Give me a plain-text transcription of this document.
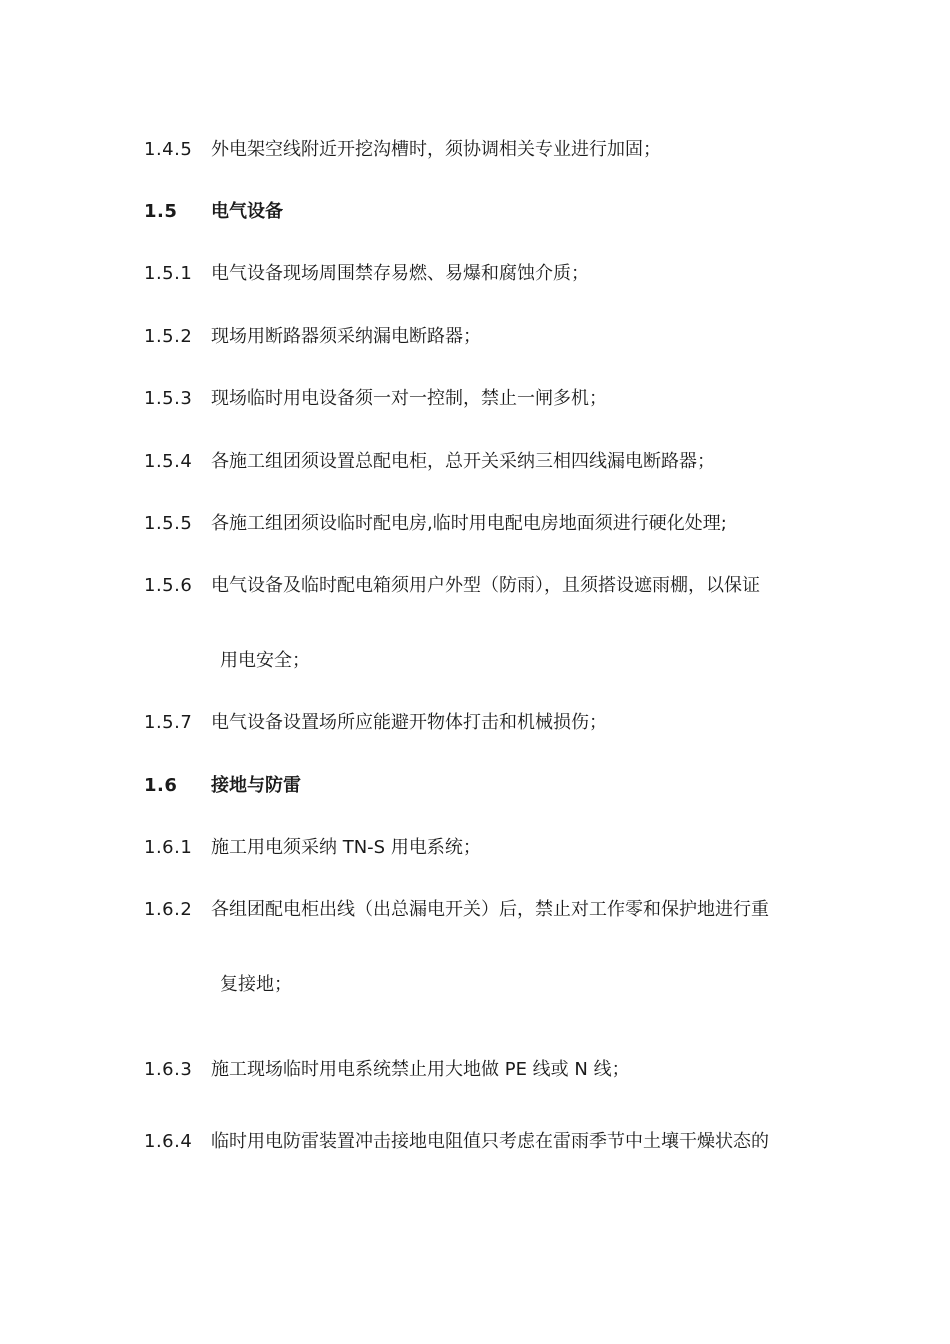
1.4.5 外电架空线附近开挖沟槽时，须协调相关专业进行加固；
1.5 电气设备
1.5.1 电气设备现场周围禁存易燃、易爆和腐蚀介质；
1.5.2 现场用断路器须采纳漏电断路器；
1.5.3 现场临时用电设备须一对一控制，禁止一闸多机；
1.5.4 各施工组团须设置总配电柜，总开关采纳三相四线漏电断路器；
1.5.5 各施工组团须设临时配电房,临时用电配电房地面须进行硬化处理;
1.5.6 电气设备及临时配电箱须用户外型（防雨），且须搭设遮雨棚，以保证
用电安全；
1.5.7 电气设备设置场所应能避开物体打击和机械损伤；
1.6 接地与防雷
1.6.1 施工用电须采纳 TN-S 用电系统；
1.6.2 各组团配电柜出线（出总漏电开关）后，禁止对工作零和保护地进行重
复接地；
1.6.3 施工现场临时用电系统禁止用大地做 PE 线或 N 线；
1.6.4 临时用电防雷装置冲击接地电阻值只考虑在雷雨季节中土壤干燥状态的
